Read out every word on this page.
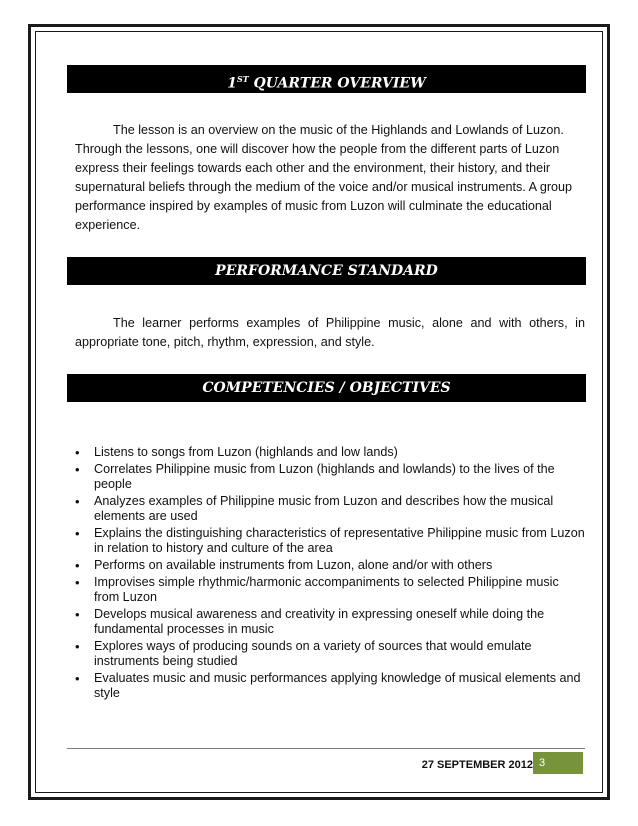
1ST QUARTER OVERVIEW

The lesson is an overview on the music of the Highlands and Lowlands of Luzon. Through the lessons, one will discover how the people from the different parts of Luzon express their feelings towards each other and the environment, their history, and their supernatural beliefs through the medium of the voice and/or musical instruments. A group performance inspired by examples of music from Luzon will culminate the educational experience.

PERFORMANCE STANDARD

The learner performs examples of Philippine music, alone and with others, in appropriate tone, pitch, rhythm, expression, and style.

COMPETENCIES / OBJECTIVES
• Listens to songs from Luzon (highlands and low lands)
• Correlates Philippine music from Luzon (highlands and lowlands) to the lives of the people
• Analyzes examples of Philippine music from Luzon and describes how the musical elements are used
• Explains the distinguishing characteristics of representative Philippine music from Luzon in relation to history and culture of the area
• Performs on available instruments from Luzon, alone and/or with others
• Improvises simple rhythmic/harmonic accompaniments to selected Philippine music from Luzon
• Develops musical awareness and creativity in expressing oneself while doing the fundamental processes in music
• Explores ways of producing sounds on a variety of sources that would emulate instruments being studied
• Evaluates music and music performances applying knowledge of musical elements and style
27 SEPTEMBER 2012 3
